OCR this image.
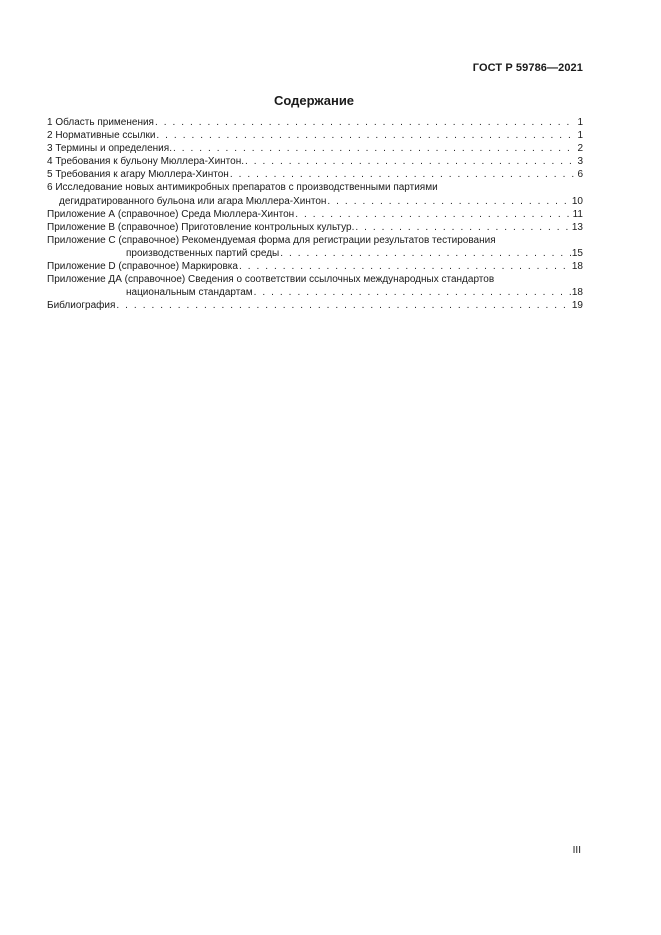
ГОСТ Р 59786—2021
Содержание
1 Область применения . . .	1
2 Нормативные ссылки . . .	1
3 Термины и определения. . . .	2
4 Требования к бульону Мюллера-Хинтон. . . .	3
5 Требования к агару Мюллера-Хинтон . . .	6
6 Исследование новых антимикробных препаратов с производственными партиями
дегидратированного бульона или агара Мюллера-Хинтон . . .	10
Приложение А (справочное) Среда Мюллера-Хинтон . . .	11
Приложение В (справочное) Приготовление контрольных культур. . . .	13
Приложение С (справочное) Рекомендуемая форма для регистрации результатов тестирования
производственных партий среды . . .	15
Приложение D (справочное) Маркировка . . .	18
Приложение ДА (справочное) Сведения о соответствии ссылочных международных стандартов
национальным стандартам . . .	18
Библиография . . .	19
III
